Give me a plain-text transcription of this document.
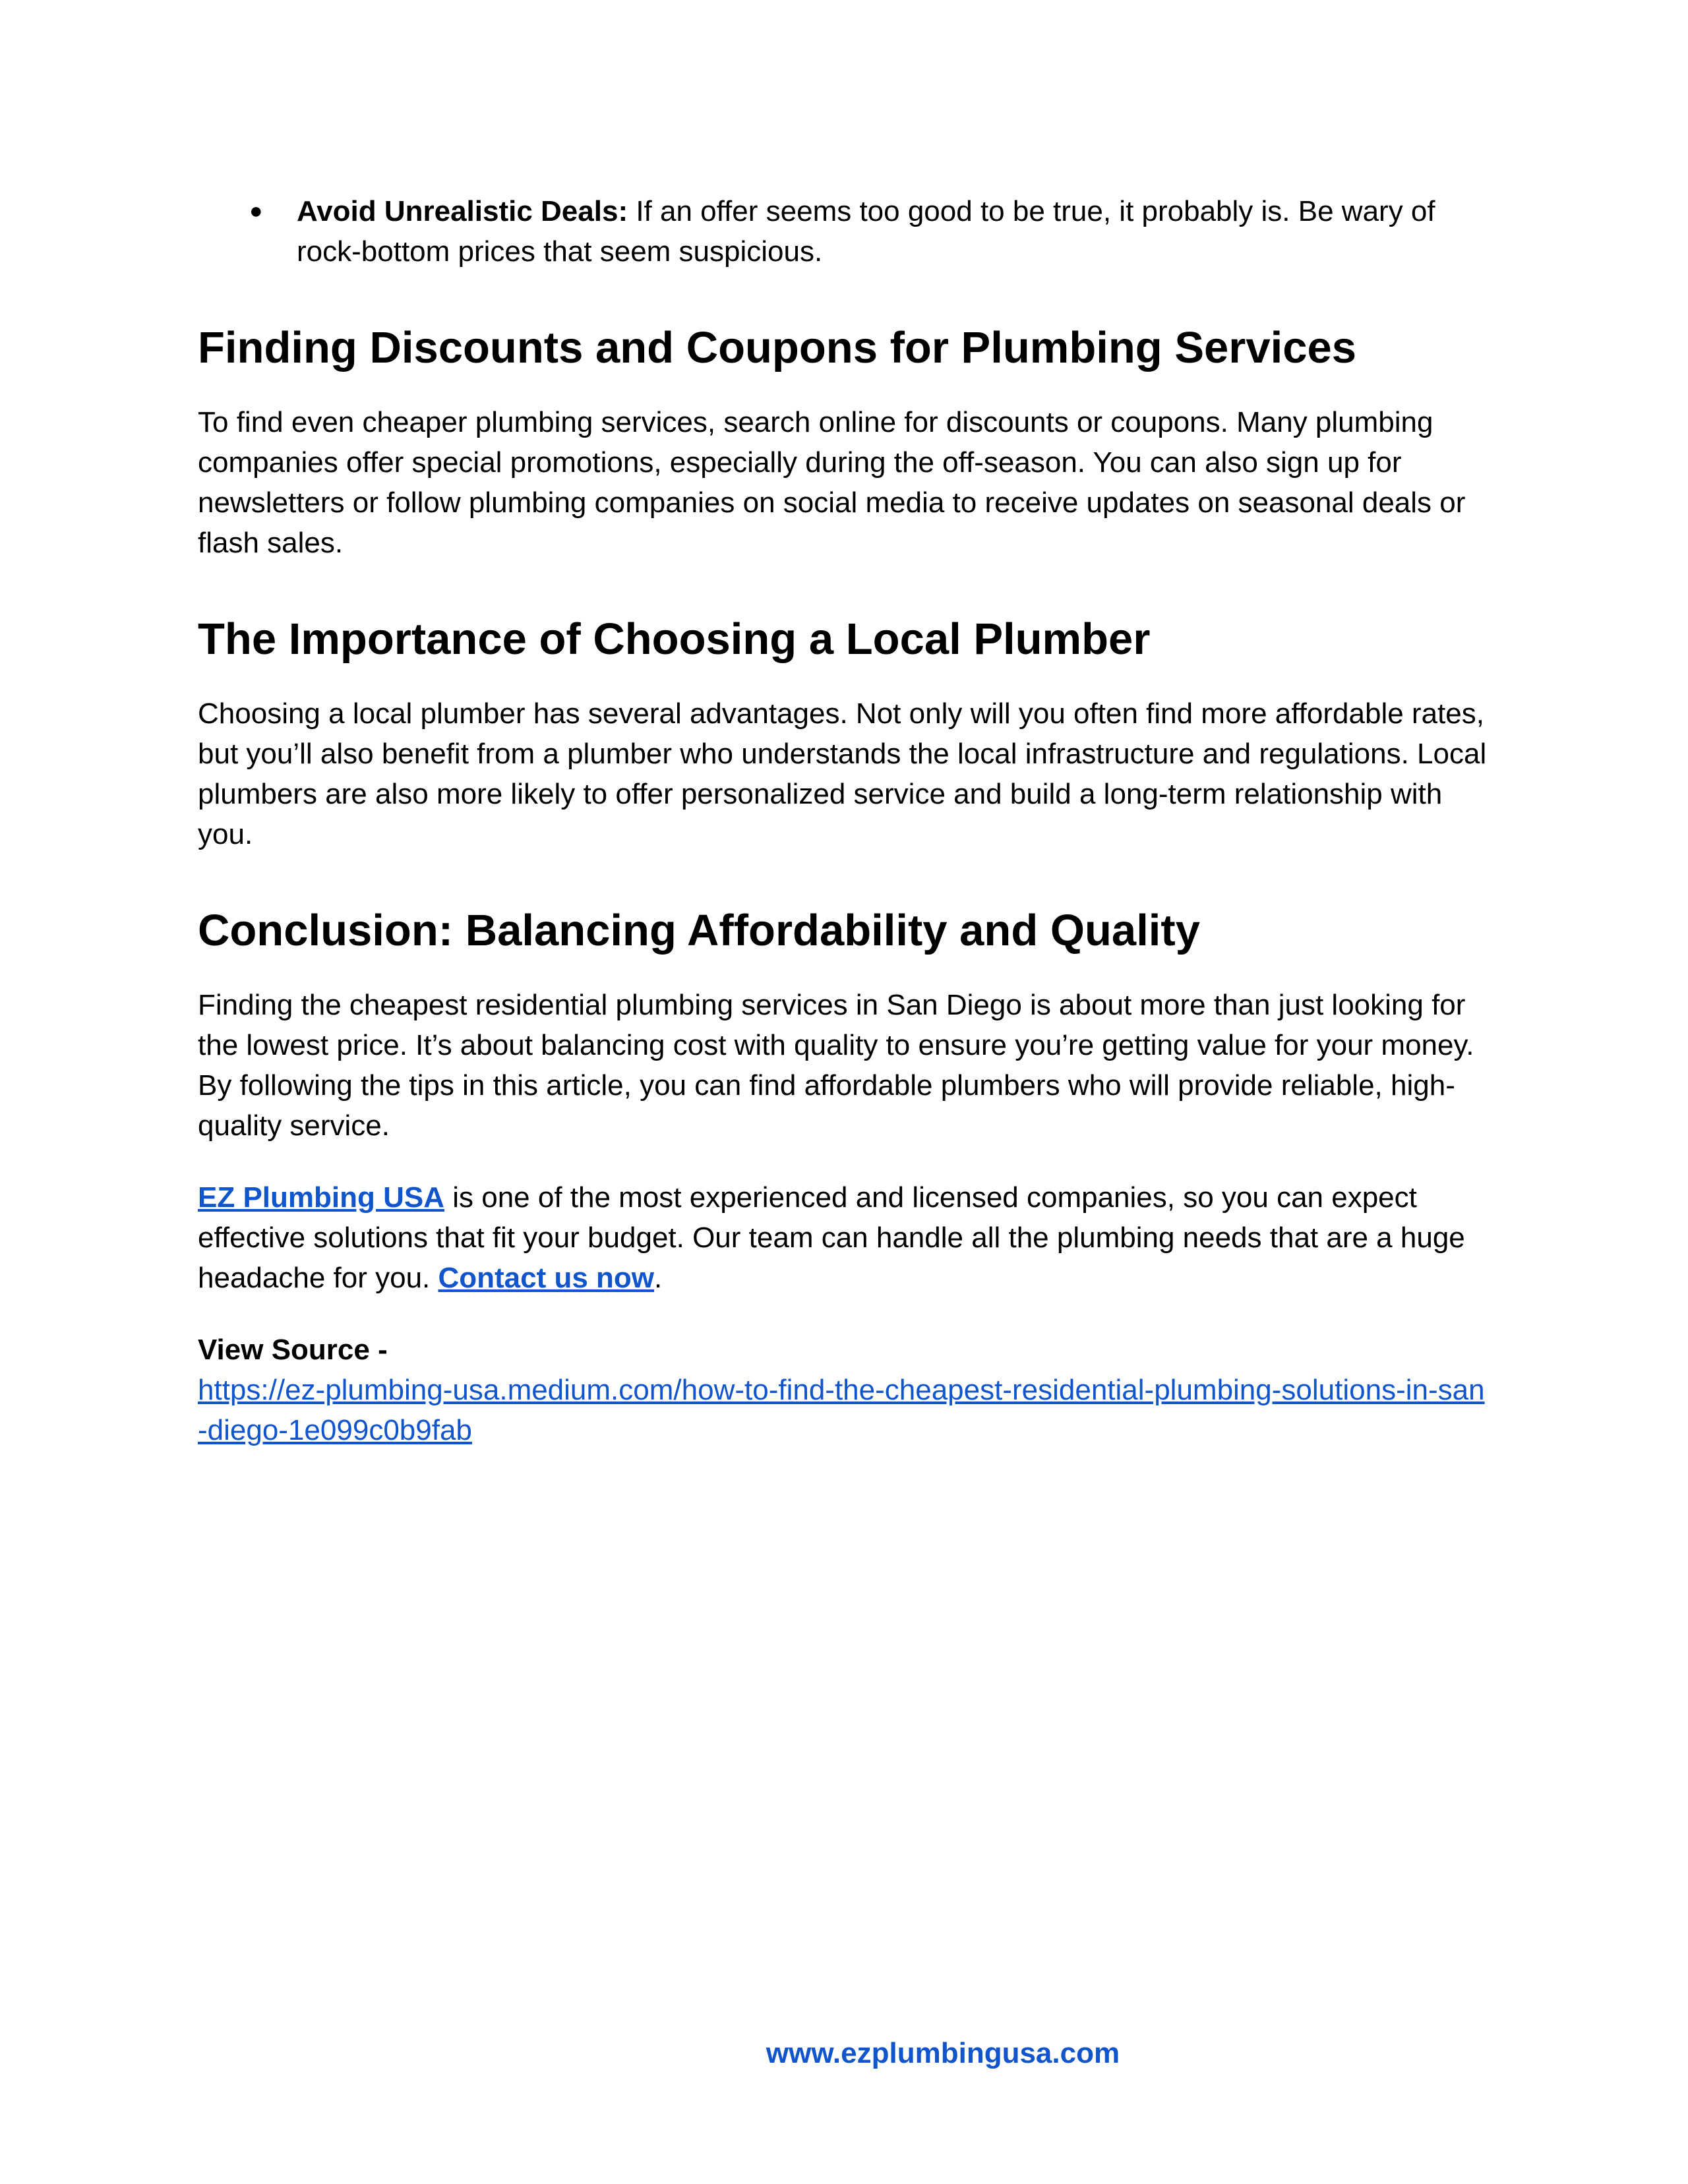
● Avoid Unrealistic Deals: If an offer seems too good to be true, it probably is. Be wary of rock-bottom prices that seem suspicious.
Finding Discounts and Coupons for Plumbing Services

To find even cheaper plumbing services, search online for discounts or coupons. Many plumbing companies offer special promotions, especially during the off-season. You can also sign up for newsletters or follow plumbing companies on social media to receive updates on seasonal deals or flash sales.

The Importance of Choosing a Local Plumber

Choosing a local plumber has several advantages. Not only will you often find more affordable rates, but you’ll also benefit from a plumber who understands the local infrastructure and regulations. Local plumbers are also more likely to offer personalized service and build a long-term relationship with you.

Conclusion: Balancing Affordability and Quality

Finding the cheapest residential plumbing services in San Diego is about more than just looking for the lowest price. It’s about balancing cost with quality to ensure you’re getting value for your money. By following the tips in this article, you can find affordable plumbers who will provide reliable, high-quality service.

EZ Plumbing USA is one of the most experienced and licensed companies, so you can expect effective solutions that fit your budget. Our team can handle all the plumbing needs that are a huge headache for you. Contact us now.

View Source -
https://ez-plumbing-usa.medium.com/how-to-find-the-cheapest-residential-plumbing-solutions-in-san-diego-1e099c0b9fab

www.ezplumbingusa.com
